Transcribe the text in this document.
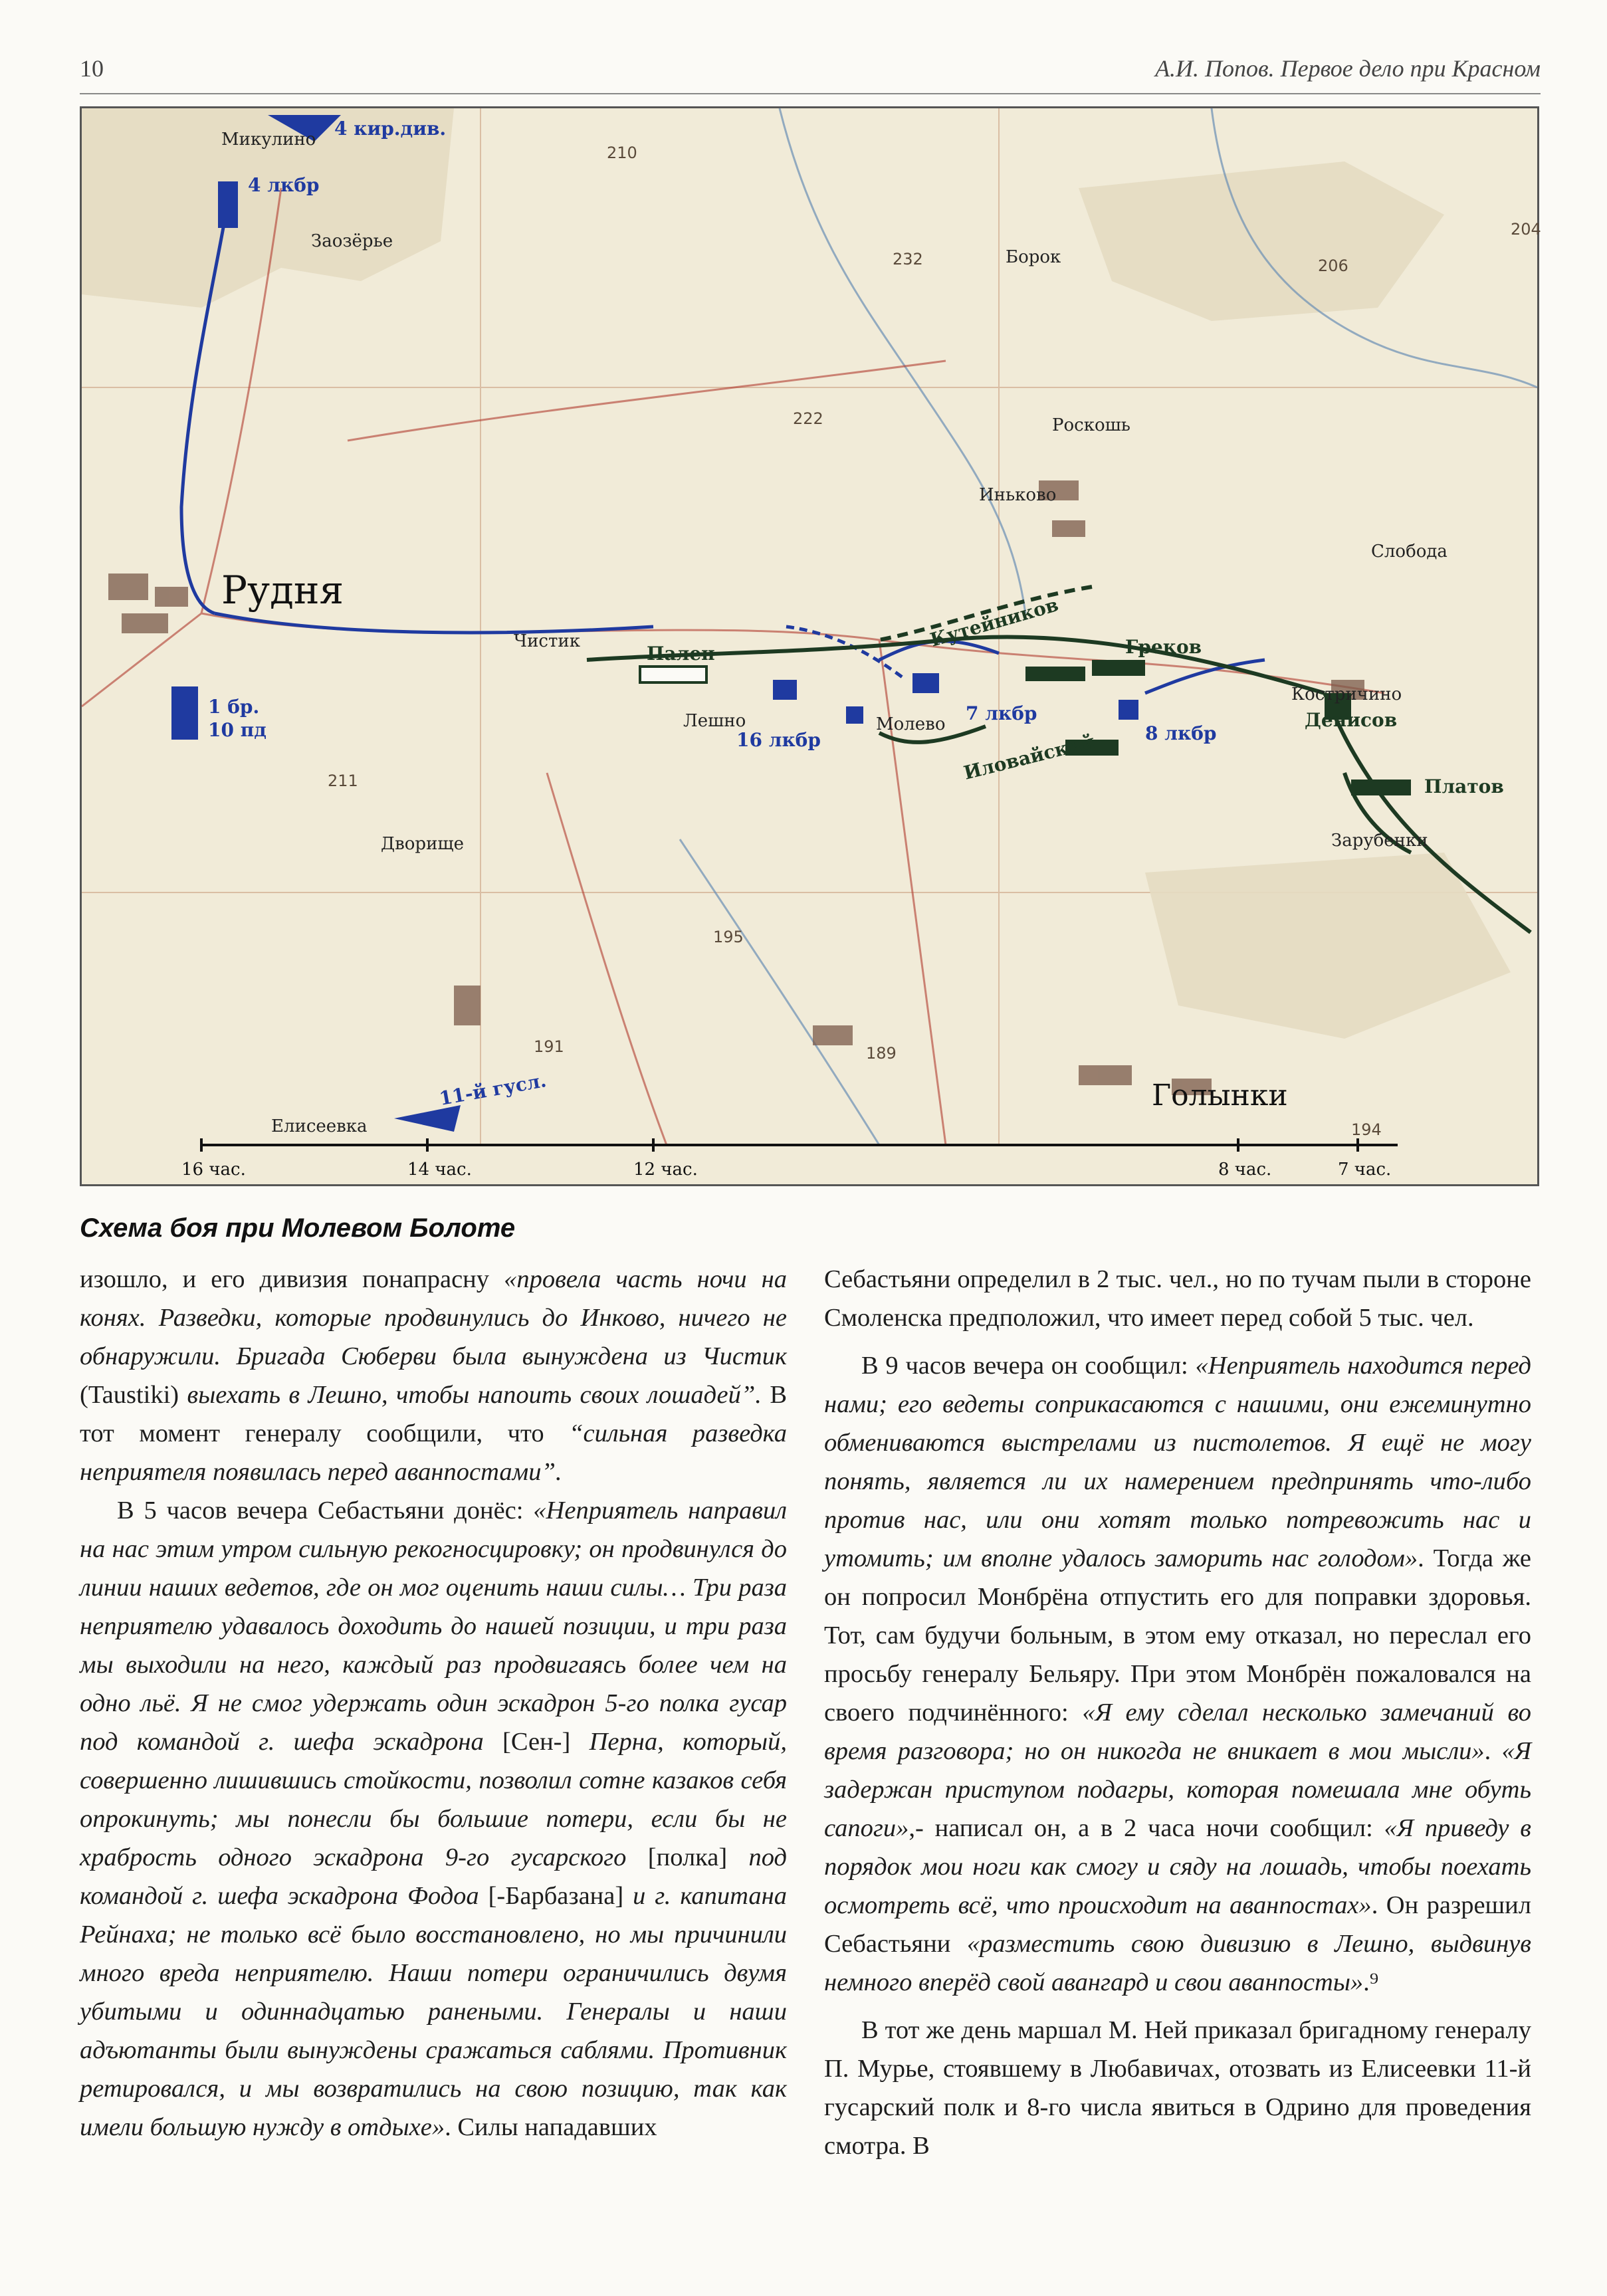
10	А.И. Попов. Первое дело при Красном
Микулино
Заозёрье
Рудня
Чистик
Лешно	Молево
Борок
Роскошь
Иньково
Слобода
Костричино
Зарубенки
Дворище
Елисеевка
Голынки
4 кир.див.
4 лкбр
1 бр.
10 пд
Пален
16 лкбр
Кутейников
7 лкбр
Греков
8 лкбр
Иловайский
Денисов
Платов
11-й гусл.
210
232
204
206
222
211
195
191	189
194
16 час.	14 час.	12 час.	8 час.	7 час.
Схема боя при Молевом Болоте

изошло, и его дивизия понапрасну «провела часть ночи на конях. Разведки, которые продвинулись до Инково, ничего не обнаружили. Бригада Сюберви была вынуждена из Чистик (Taustiki) выехать в Лешно, чтобы напоить своих лошадей”. В тот момент генералу сообщили, что “сильная разведка неприятеля появилась перед аванпостами”.

В 5 часов вечера Себастьяни донёс: «Неприятель направил на нас этим утром сильную рекогносцировку; он продвинулся до линии наших ведетов, где он мог оценить наши силы… Три раза неприятелю удавалось доходить до нашей позиции, и три раза мы выходили на него, каждый раз продвигаясь более чем на одно льё. Я не смог удержать один эскадрон 5-го полка гусар под командой г. шефа эскадрона [Сен-] Перна, который, совершенно лишившись стойкости, позволил сотне казаков себя опрокинуть; мы понесли бы большие потери, если бы не храбрость одного эскадрона 9-го гусарского [полка] под командой г. шефа эскадрона Фодоа [-Барбазана] и г. капитана Рейнаха; не только всё было восстановлено, но мы причинили много вреда неприятелю. Наши потери ограничились двумя убитыми и одиннадцатью ранеными. Генералы и наши адъютанты были вынуждены сражаться саблями. Противник ретировался, и мы возвратились на свою позицию, так как имели большую нужду в отдыхе». Силы нападавших

Себастьяни определил в 2 тыс. чел., но по тучам пыли в стороне Смоленска предположил, что имеет перед собой 5 тыс. чел.

В 9 часов вечера он сообщил: «Неприятель находится перед нами; его ведеты соприкасаются с нашими, они ежеминутно обмениваются выстрелами из пистолетов. Я ещё не могу понять, является ли их намерением предпринять что-либо против нас, или они хотят только потревожить нас и утомить; им вполне удалось заморить нас голодом». Тогда же он попросил Монбрёна отпустить его для поправки здоровья. Тот, сам будучи больным, в этом ему отказал, но переслал его просьбу генералу Бельяру. При этом Монбрён пожаловался на своего подчинённого: «Я ему сделал несколько замечаний во время разговора; но он никогда не вникает в мои мысли». «Я задержан приступом подагры, которая помешала мне обуть сапоги»,- написал он, а в 2 часа ночи сообщил: «Я приведу в порядок мои ноги как смогу и сяду на лошадь, чтобы поехать осмотреть всё, что происходит на аванпостах». Он разрешил Себастьяни «разместить свою дивизию в Лешно, выдвинув немного вперёд свой авангард и свои аванпосты».⁹

В тот же день маршал М. Ней приказал бригадному генералу П. Мурье, стоявшему в Любавичах, отозвать из Елисеевки 11-й гусарский полк и 8-го числа явиться в Одрино для проведения смотра. В
